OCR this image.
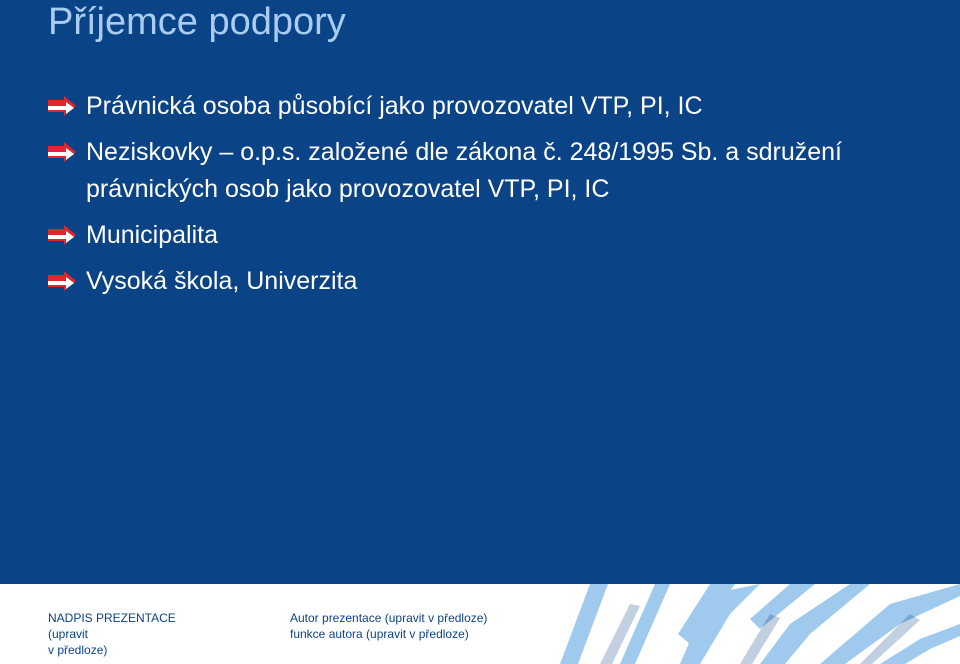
Příjemce podpory
Právnická osoba působící jako provozovatel VTP, PI, IC
Neziskovky – o.p.s. založené dle zákona č. 248/1995 Sb. a sdružení právnických osob jako provozovatel VTP, PI, IC
Municipalita
Vysoká škola, Univerzita
NADPIS PREZENTACE (upravit
v předloze)
Autor prezentace (upravit v předloze)
funkce autora (upravit v předloze)
